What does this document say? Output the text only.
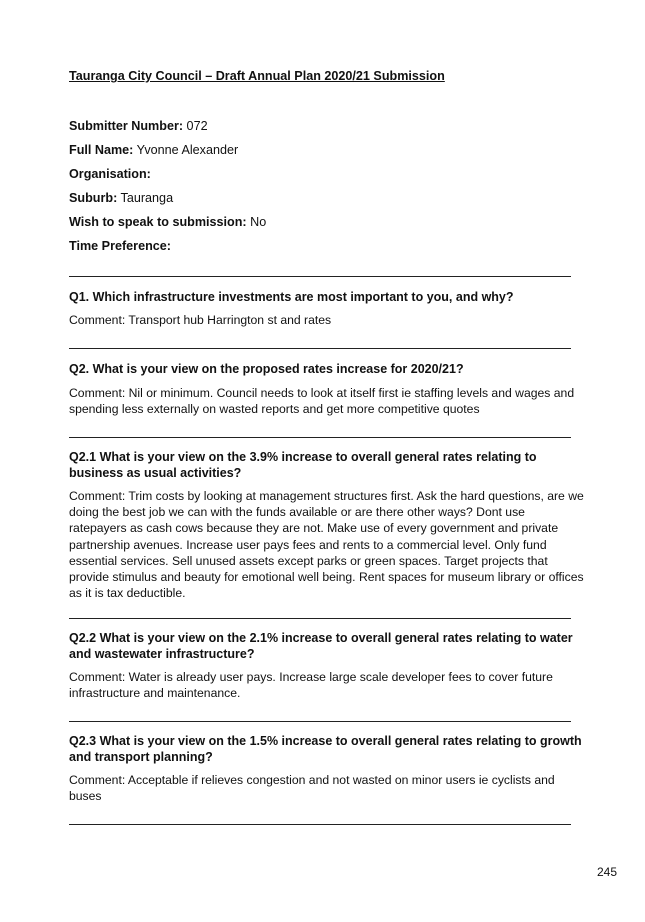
Tauranga City Council – Draft Annual Plan 2020/21 Submission
Submitter Number: 072
Full Name: Yvonne Alexander
Organisation:
Suburb: Tauranga
Wish to speak to submission: No
Time Preference:
Q1. Which infrastructure investments are most important to you, and why?
Comment: Transport hub Harrington st and rates
Q2. What is your view on the proposed rates increase for 2020/21?
Comment: Nil or minimum. Council needs to look at itself first ie staffing levels and wages and spending less externally on wasted reports and get more competitive quotes
Q2.1 What is your view on the 3.9% increase to overall general rates relating to business as usual activities?
Comment: Trim costs by looking at management structures first. Ask the hard questions, are we doing the best job we can with the funds available or are there other ways? Dont use ratepayers as cash cows because they are not. Make use of every government and private partnership avenues. Increase user pays fees and rents to a commercial level. Only fund essential services. Sell unused assets except parks or green spaces. Target projects that provide stimulus and beauty for emotional well being. Rent spaces for museum library or offices as it is tax deductible.
Q2.2 What is your view on the 2.1% increase to overall general rates relating to water and wastewater infrastructure?
Comment: Water is already user pays. Increase large scale developer fees to cover future infrastructure and maintenance.
Q2.3 What is your view on the 1.5% increase to overall general rates relating to growth and transport planning?
Comment: Acceptable if relieves congestion and not wasted on minor users ie cyclists and buses
245
